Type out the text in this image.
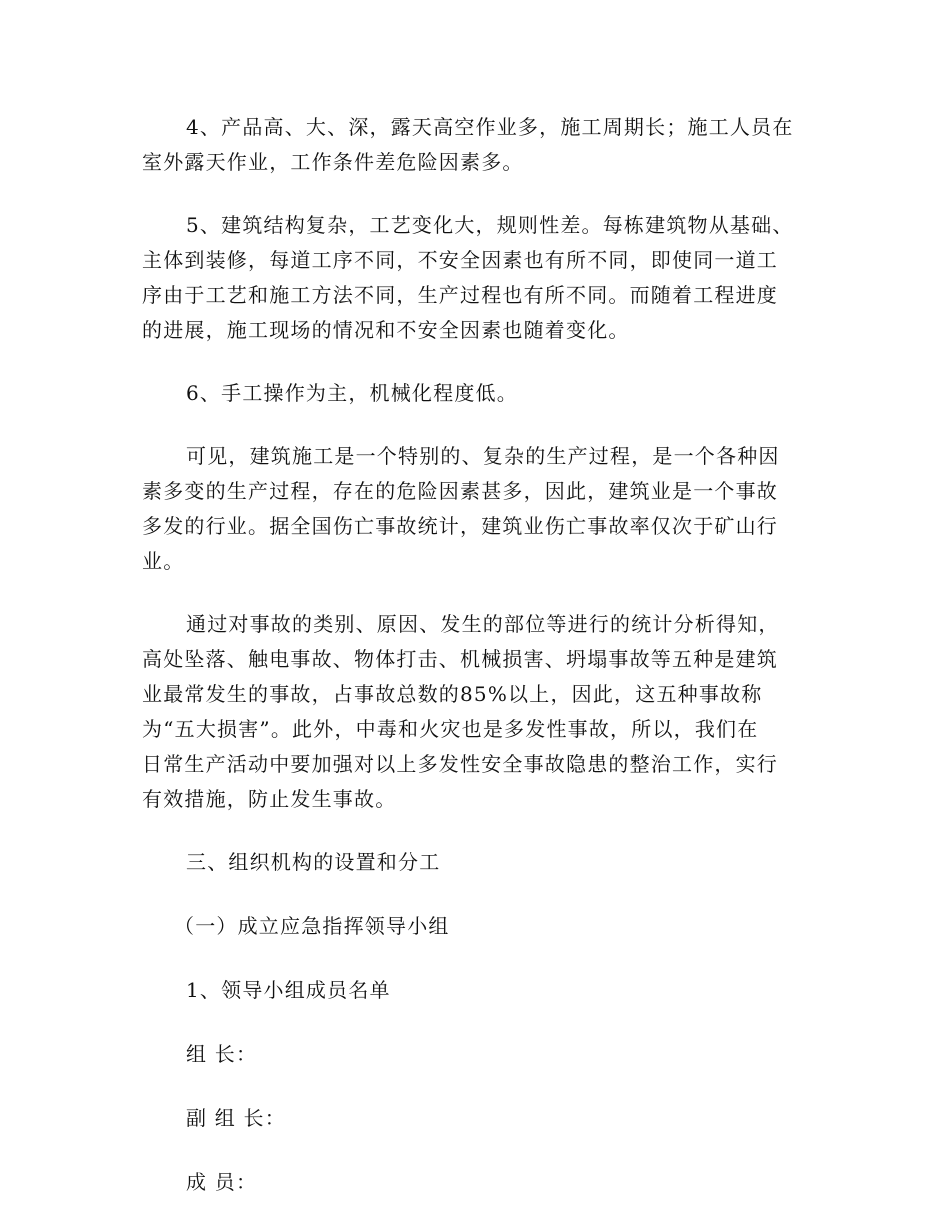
4、产品高、大、深，露天高空作业多，施工周期长；施工人员在
室外露天作业，工作条件差危险因素多。
5、建筑结构复杂，工艺变化大，规则性差。每栋建筑物从基础、
主体到装修，每道工序不同，不安全因素也有所不同，即使同一道工
序由于工艺和施工方法不同，生产过程也有所不同。而随着工程进度
的进展，施工现场的情况和不安全因素也随着变化。
6、手工操作为主，机械化程度低。
可见，建筑施工是一个特别的、复杂的生产过程，是一个各种因
素多变的生产过程，存在的危险因素甚多，因此，建筑业是一个事故
多发的行业。据全国伤亡事故统计，建筑业伤亡事故率仅次于矿山行
业。
通过对事故的类别、原因、发生的部位等进行的统计分析得知，
高处坠落、触电事故、物体打击、机械损害、坍塌事故等五种是建筑
业最常发生的事故，占事故总数的85%以上，因此，这五种事故称
为“五大损害”。此外，中毒和火灾也是多发性事故，所以，我们在
日常生产活动中要加强对以上多发性安全事故隐患的整治工作，实行
有效措施，防止发生事故。
三、组织机构的设置和分工
（一）成立应急指挥领导小组
1、领导小组成员名单
组 长：
副 组 长：
成 员：
